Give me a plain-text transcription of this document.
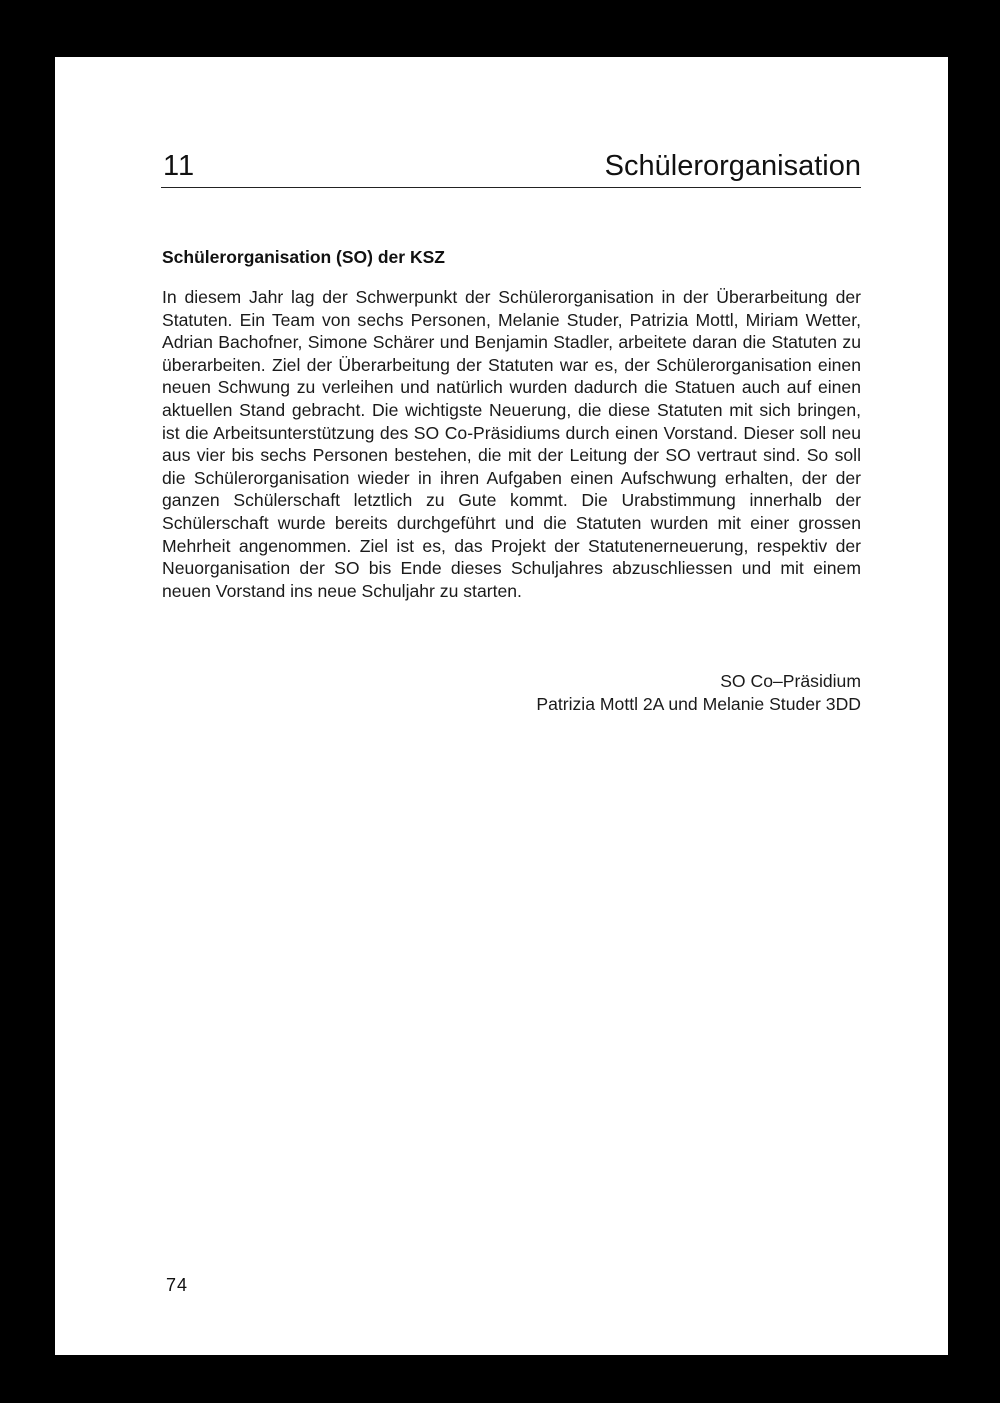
11	Schülerorganisation
Schülerorganisation (SO) der KSZ
In diesem Jahr lag der Schwerpunkt der Schülerorganisation in der Überarbeitung der Statuten. Ein Team von sechs Personen, Melanie Studer, Patrizia Mottl, Miriam Wetter, Adrian Bachofner, Simone Schärer und Benjamin Stadler, arbeitete daran die Statuten zu überarbeiten. Ziel der Überarbeitung der Statuten war es, der Schülerorganisation einen neuen Schwung zu verleihen und natürlich wurden dadurch die Statuen auch auf einen aktuellen Stand gebracht. Die wichtigste Neuerung, die diese Statuten mit sich bringen, ist die Arbeitsunterstützung des SO Co-Präsidiums durch einen Vorstand. Dieser soll neu aus vier bis sechs Personen bestehen, die mit der Leitung der SO vertraut sind. So soll die Schülerorganisation wieder in ihren Aufgaben einen Aufschwung erhalten, der der ganzen Schülerschaft letztlich zu Gute kommt. Die Urabstimmung innerhalb der Schülerschaft wurde bereits durchgeführt und die Statuten wurden mit einer grossen Mehrheit angenommen. Ziel ist es, das Projekt der Statutenerneuerung, respektiv der Neuorganisation der SO bis Ende dieses Schuljahres abzuschliessen und mit einem neuen Vorstand ins neue Schuljahr zu starten.
SO Co–Präsidium
Patrizia Mottl 2A und Melanie Studer 3DD
74
